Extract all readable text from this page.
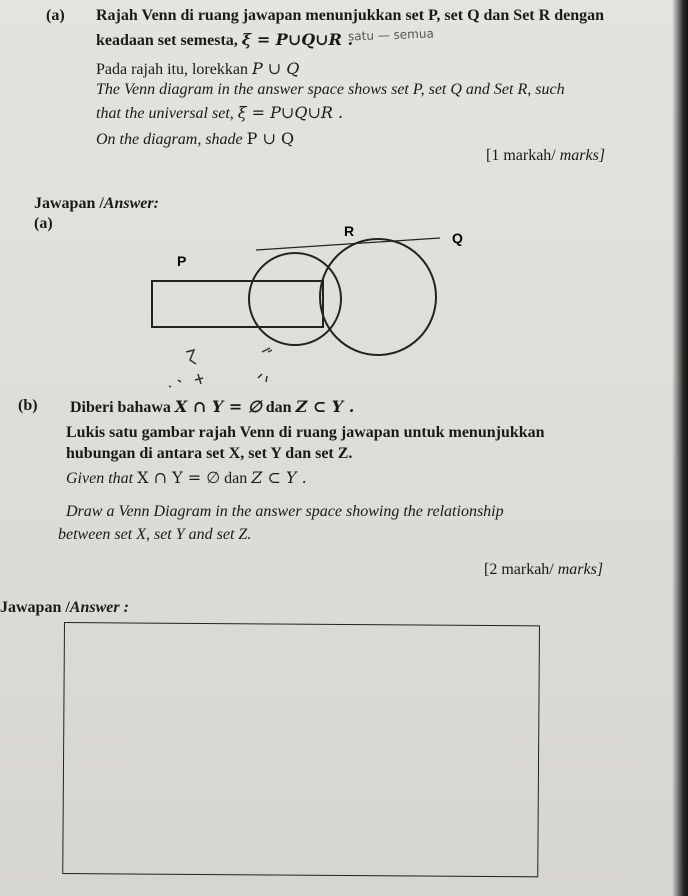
(a) Rajah Venn di ruang jawapan menunjukkan set P, set Q dan Set R dengan
keadaan set semesta, ξ = P∪Q∪R .
satu — semua
Pada rajah itu, lorekkan P ∪ Q
The Venn diagram in the answer space shows set P, set Q and Set R, such
that the universal set, ξ = P∪Q∪R .
On the diagram, shade P ∪ Q
[1 markah/ marks]
Jawapan /Answer:
(a)	R	Q
P
(b) Diberi bahawa X ∩ Y = ∅ dan Z ⊂ Y .
Lukis satu gambar rajah Venn di ruang jawapan untuk menunjukkan
hubungan di antara set X, set Y dan set Z.
Given that X ∩ Y = ∅ dan Z ⊂ Y .
Draw a Venn Diagram in the answer space showing the relationship
between set X, set Y and set Z.
[2 markah/ marks]
Jawapan /Answer :
